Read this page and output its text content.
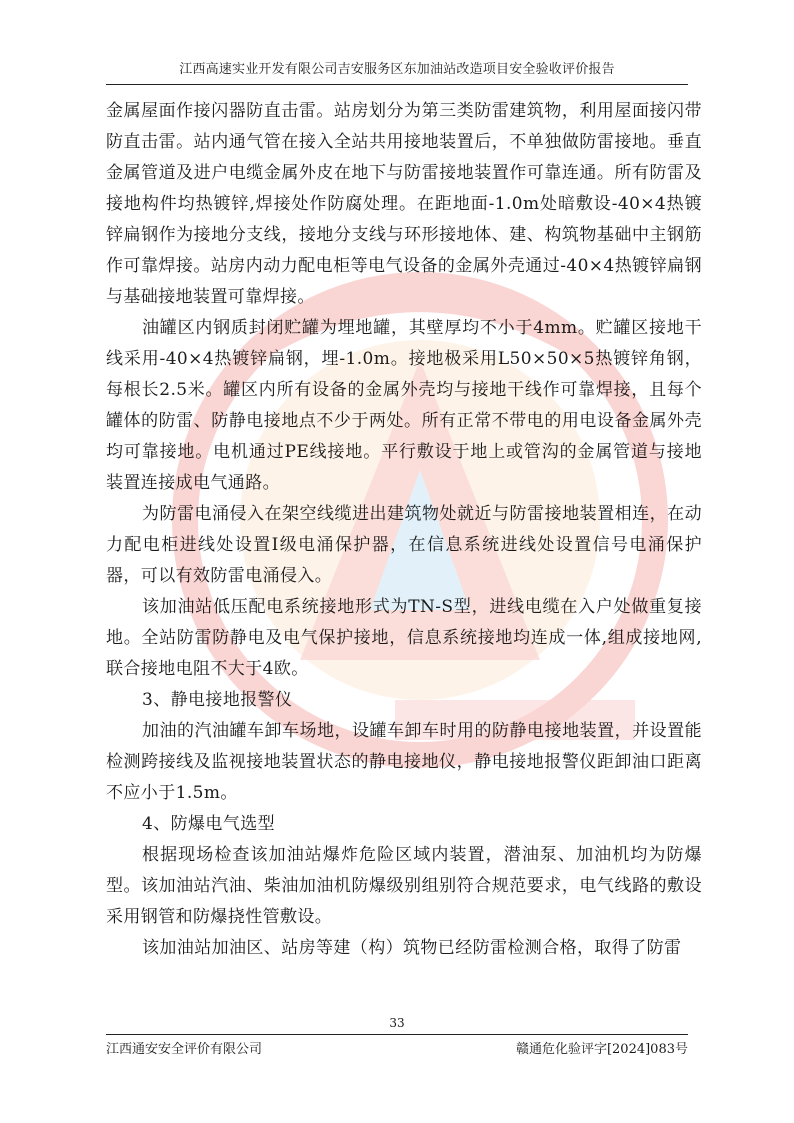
江西高速实业开发有限公司吉安服务区东加油站改造项目安全验收评价报告

金属屋面作接闪器防直击雷。站房划分为第三类防雷建筑物，利用屋面接闪带防直击雷。站内通气管在接入全站共用接地装置后，不单独做防雷接地。垂直金属管道及进户电缆金属外皮在地下与防雷接地装置作可靠连通。所有防雷及接地构件均热镀锌,焊接处作防腐处理。在距地面-1.0m处暗敷设-40×4热镀锌扁钢作为接地分支线，接地分支线与环形接地体、建、构筑物基础中主钢筋作可靠焊接。站房内动力配电柜等电气设备的金属外壳通过-40×4热镀锌扁钢与基础接地装置可靠焊接。

油罐区内钢质封闭贮罐为埋地罐，其壁厚均不小于4mm。贮罐区接地干线采用-40×4热镀锌扁钢，埋-1.0m。接地极采用L50×50×5热镀锌角钢，每根长2.5米。罐区内所有设备的金属外壳均与接地干线作可靠焊接，且每个罐体的防雷、防静电接地点不少于两处。所有正常不带电的用电设备金属外壳均可靠接地。电机通过PE线接地。平行敷设于地上或管沟的金属管道与接地装置连接成电气通路。

为防雷电涌侵入在架空线缆进出建筑物处就近与防雷接地装置相连，在动力配电柜进线处设置Ⅰ级电涌保护器，在信息系统进线处设置信号电涌保护器，可以有效防雷电涌侵入。

该加油站低压配电系统接地形式为TN-S型，进线电缆在入户处做重复接地。全站防雷防静电及电气保护接地，信息系统接地均连成一体,组成接地网,联合接地电阻不大于4欧。

3、静电接地报警仪

加油的汽油罐车卸车场地，设罐车卸车时用的防静电接地装置，并设置能检测跨接线及监视接地装置状态的静电接地仪，静电接地报警仪距卸油口距离不应小于1.5m。

4、防爆电气选型

根据现场检查该加油站爆炸危险区域内装置，潜油泵、加油机均为防爆型。该加油站汽油、柴油加油机防爆级别组别符合规范要求，电气线路的敷设采用钢管和防爆挠性管敷设。

该加油站加油区、站房等建（构）筑物已经防雷检测合格，取得了防雷

33
江西通安安全评价有限公司	赣通危化验评字[2024]083号
